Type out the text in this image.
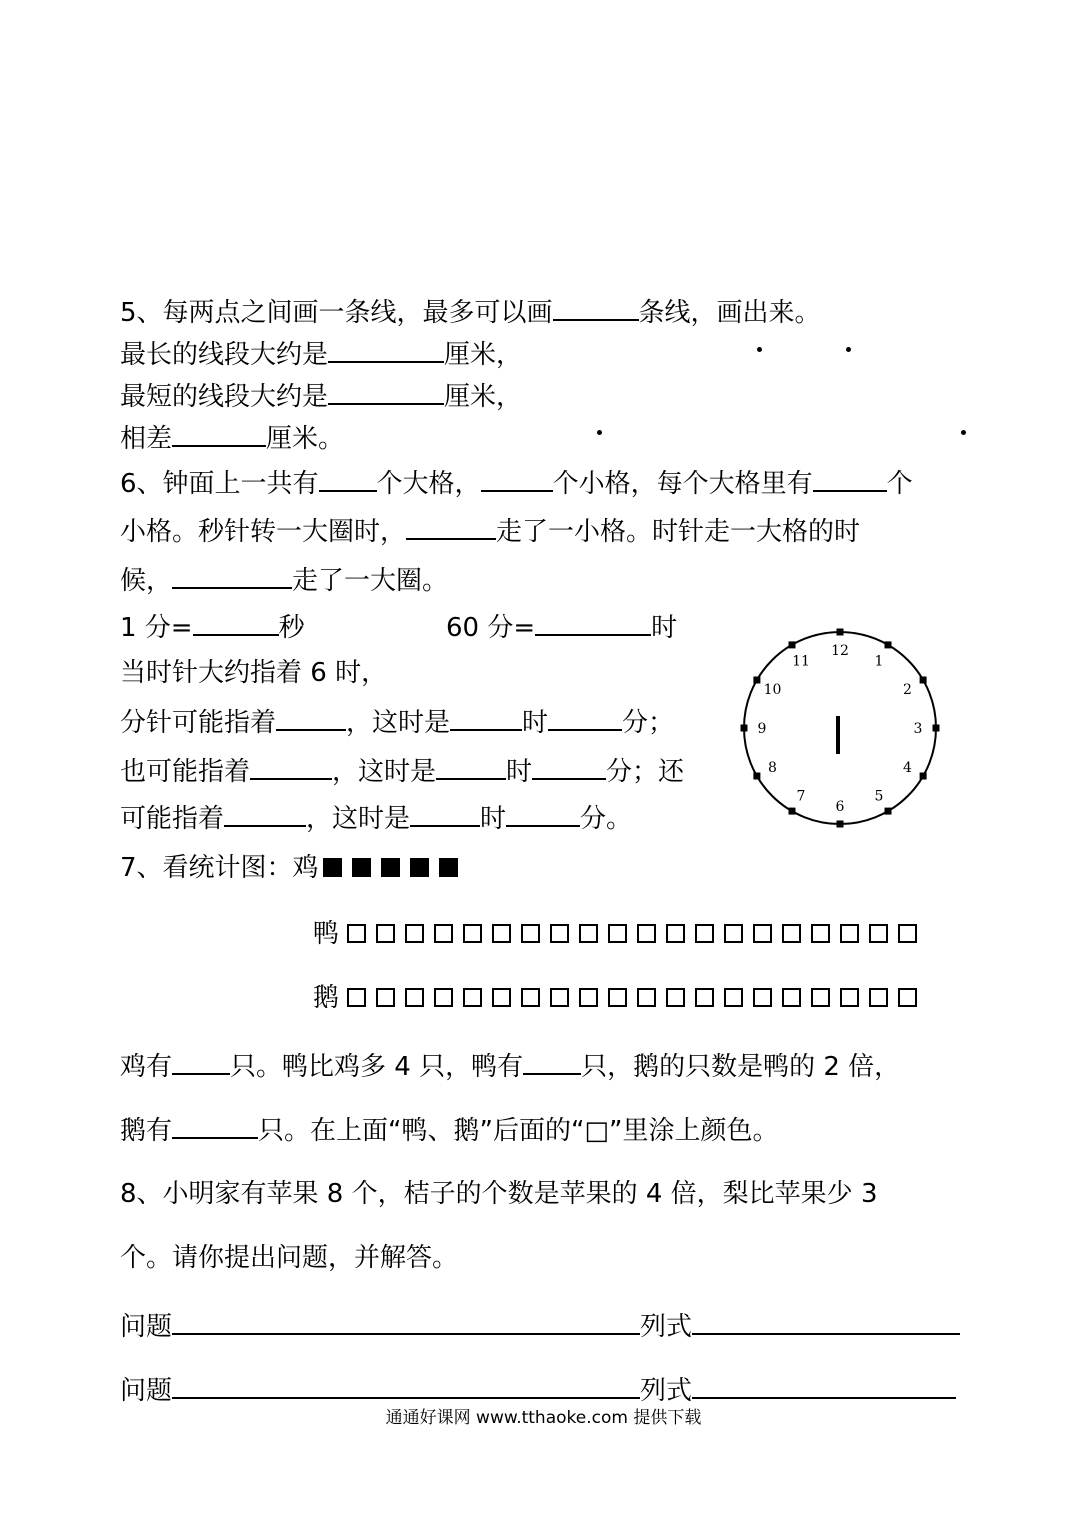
5、每两点之间画一条线，最多可以画	条线，画出来。
最长的线段大约是	厘米，
最短的线段大约是	厘米，
相差	厘米。
6、钟面上一共有 个大格，	个小格，每个大格里有	个
小格。秒针转一大圈时，	走了一小格。时针走一大格的时
候，	走了一大圈。
1 分=	秒	60 分=	时
当时针大约指着 6 时，
分针可能指着	，这时是	时	分；
也可能指着	，这时是	时	分；还
可能指着	，这时是	时	分。
12
1
2
3
4
5
6
7
8
9
10
11
7、看统计图：鸡
鸭
鹅
鸡有 只。鸭比鸡多 4 只，鸭有 只，鹅的只数是鸭的 2 倍，
鹅有	只。在上面“鸭、鹅”后面的“□”里涂上颜色。
8、小明家有苹果 8 个，桔子的个数是苹果的 4 倍，梨比苹果少 3
个。请你提出问题，并解答。
问题	列式
问题	列式
通通好课网 www.tthaoke.com 提供下载
